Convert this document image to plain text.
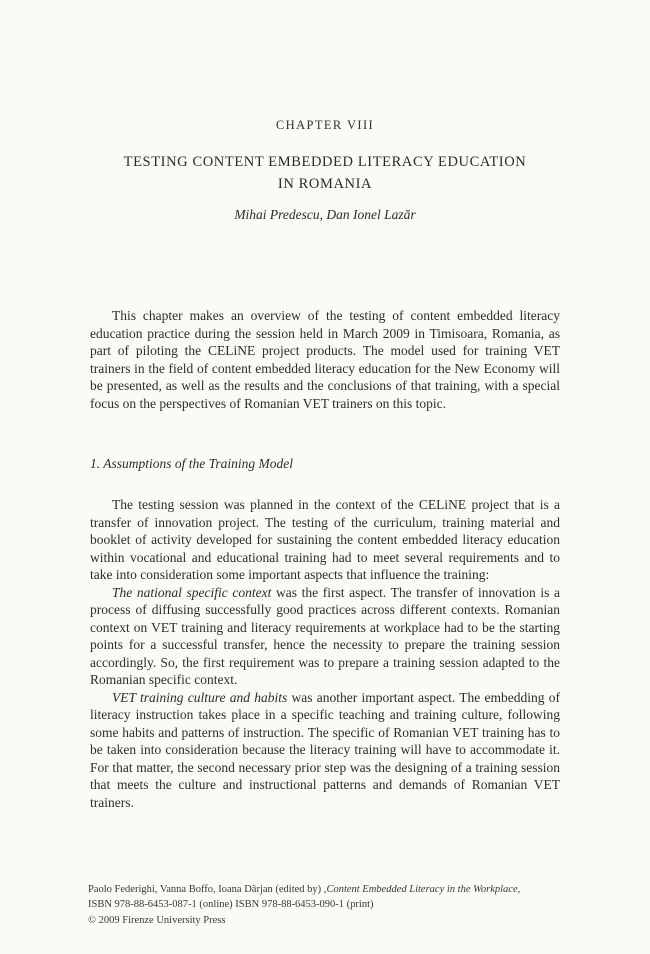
CHAPTER VIII
TESTING CONTENT EMBEDDED LITERACY EDUCATION
IN ROMANIA
Mihai Predescu, Dan Ionel Lazăr

This chapter makes an overview of the testing of content embedded literacy education practice during the session held in March 2009 in Timisoara, Romania, as part of piloting the CELiNE project products. The model used for training VET trainers in the field of content embedded literacy education for the New Economy will be presented, as well as the results and the conclusions of that training, with a special focus on the perspectives of Romanian VET trainers on this topic.

1. Assumptions of the Training Model

The testing session was planned in the context of the CELiNE project that is a transfer of innovation project. The testing of the curriculum, training material and booklet of activity developed for sustaining the content embedded literacy education within vocational and educational training had to meet several requirements and to take into consideration some important aspects that influence the training:

The national specific context was the first aspect. The transfer of innovation is a process of diffusing successfully good practices across different contexts. Romanian context on VET training and literacy requirements at workplace had to be the starting points for a successful transfer, hence the necessity to prepare the training session accordingly. So, the first requirement was to prepare a training session adapted to the Romanian specific context.

VET training culture and habits was another important aspect. The embedding of literacy instruction takes place in a specific teaching and training culture, following some habits and patterns of instruction. The specific of Romanian VET training has to be taken into consideration because the literacy training will have to accommodate it. For that matter, the second necessary prior step was the designing of a training session that meets the culture and instructional patterns and demands of Romanian VET trainers.

Paolo Federighi, Vanna Boffo, Ioana Dârjan (edited by) ,Content Embedded Literacy in the Workplace,
ISBN 978-88-6453-087-1 (online) ISBN 978-88-6453-090-1 (print)
© 2009 Firenze University Press
